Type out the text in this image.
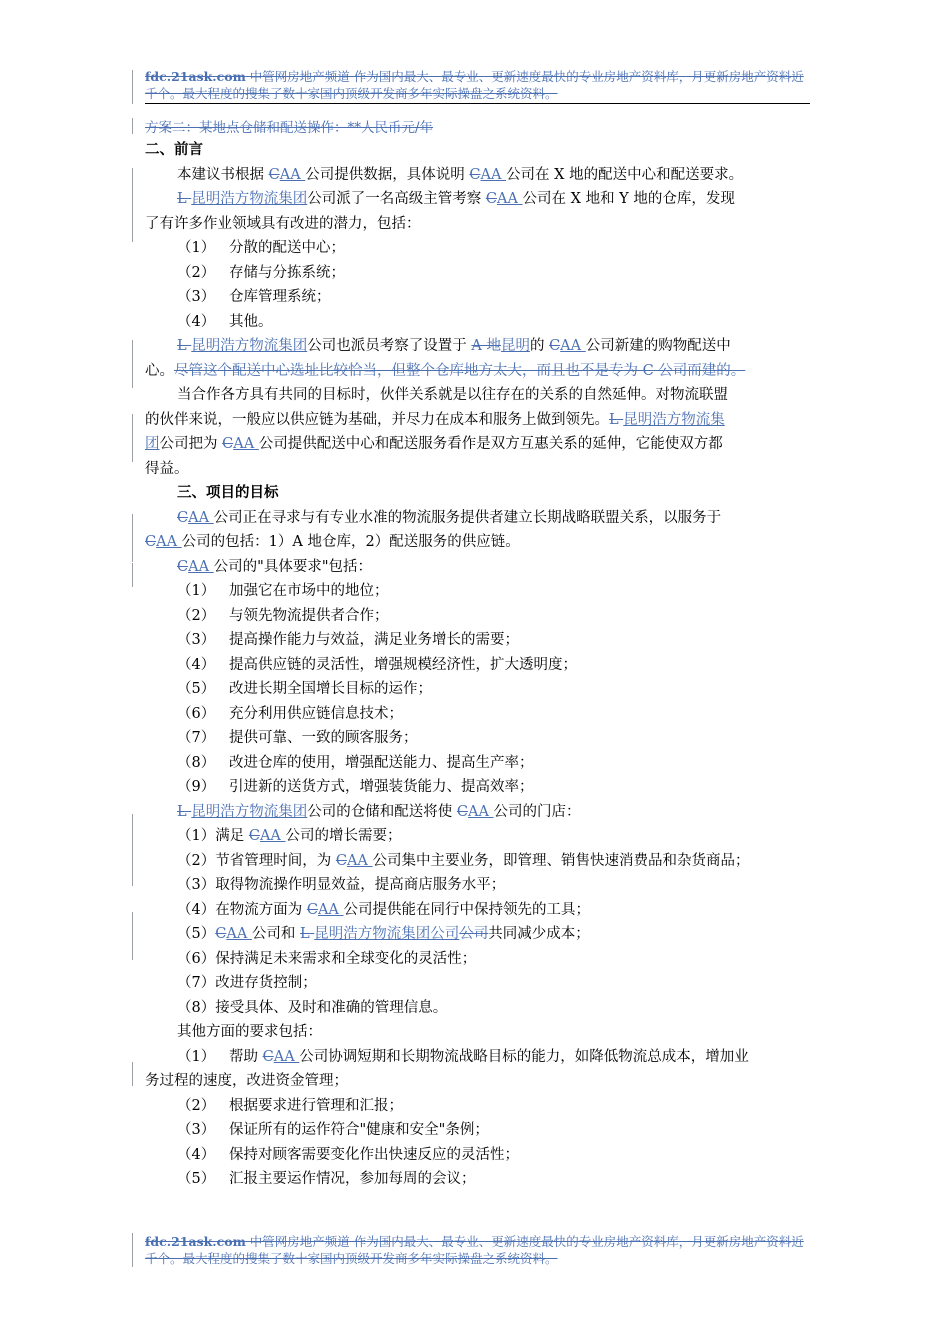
fdc.21ask.com 中管网房地产频道 作为国内最大、最专业、更新速度最快的专业房地产资料库，月更新房地产资料近千个。最大程度的搜集了数十家国内顶级开发商多年实际操盘之系统资料。
方案二：某地点仓储和配送操作：**人民币元/年
二、前言
本建议书根据 CAA 公司提供数据，具体说明 CAA 公司在 X 地的配送中心和配送要求。
L 昆明浩方物流集团公司派了一名高级主管考察 CAA 公司在 X 地和 Y 地的仓库，发现
了有许多作业领域具有改进的潜力，包括：
（1） 分散的配送中心；
（2） 存储与分拣系统；
（3） 仓库管理系统；
（4） 其他。
L 昆明浩方物流集团公司也派员考察了设置于 A 地昆明的 CAA 公司新建的购物配送中
心。尽管这个配送中心选址比较恰当，但整个仓库地方太大，而且也不是专为 C 公司而建的。
当合作各方具有共同的目标时，伙伴关系就是以往存在的关系的自然延伸。对物流联盟
的伙伴来说，一般应以供应链为基础，并尽力在成本和服务上做到领先。L 昆明浩方物流集
团公司把为 CAA 公司提供配送中心和配送服务看作是双方互惠关系的延伸，它能使双方都
得益。
三、项目的目标
CAA 公司正在寻求与有专业水准的物流服务提供者建立长期战略联盟关系，以服务于
CAA 公司的包括：1）A 地仓库，2）配送服务的供应链。
CAA 公司的"具体要求"包括：
（1） 加强它在市场中的地位；
（2） 与领先物流提供者合作；
（3） 提高操作能力与效益，满足业务增长的需要；
（4） 提高供应链的灵活性，增强规模经济性，扩大透明度；
（5） 改进长期全国增长目标的运作；
（6） 充分利用供应链信息技术；
（7） 提供可靠、一致的顾客服务；
（8） 改进仓库的使用，增强配送能力、提高生产率；
（9） 引进新的送货方式，增强装货能力、提高效率；
L 昆明浩方物流集团公司的仓储和配送将使 CAA 公司的门店：
（1）满足 CAA 公司的增长需要；
（2）节省管理时间，为 CAA 公司集中主要业务，即管理、销售快速消费品和杂货商品；
（3）取得物流操作明显效益，提高商店服务水平；
（4）在物流方面为 CAA 公司提供能在同行中保持领先的工具；
（5）CAA 公司和 L 昆明浩方物流集团公司公司共同减少成本；
（6）保持满足未来需求和全球变化的灵活性；
（7）改进存货控制；
（8）接受具体、及时和准确的管理信息。
其他方面的要求包括：
（1） 帮助 CAA 公司协调短期和长期物流战略目标的能力，如降低物流总成本，增加业
务过程的速度，改进资金管理；
（2） 根据要求进行管理和汇报；
（3） 保证所有的运作符合"健康和安全"条例；
（4） 保持对顾客需要变化作出快速反应的灵活性；
（5） 汇报主要运作情况，参加每周的会议；
fdc.21ask.com 中管网房地产频道 作为国内最大、最专业、更新速度最快的专业房地产资料库，月更新房地产资料近千个。最大程度的搜集了数十家国内顶级开发商多年实际操盘之系统资料。
